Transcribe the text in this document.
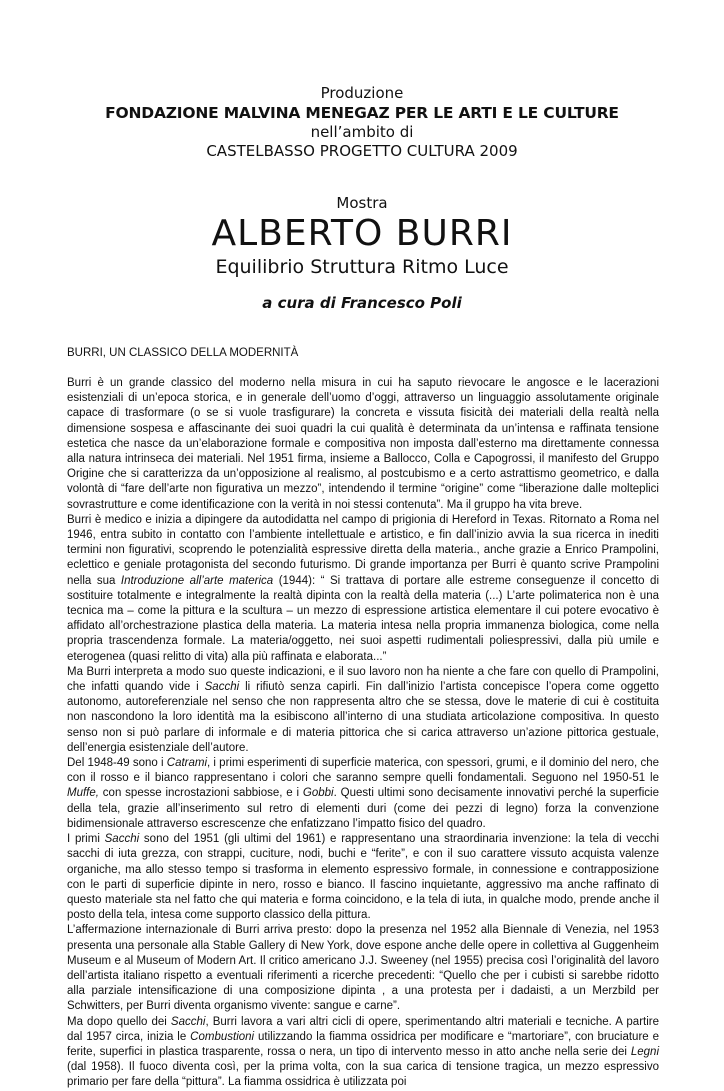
Produzione
FONDAZIONE MALVINA MENEGAZ PER LE ARTI E LE CULTURE
nell’ambito di
CASTELBASSO PROGETTO CULTURA 2009
Mostra
ALBERTO BURRI
Equilibrio Struttura Ritmo Luce
a cura di Francesco Poli
BURRI, UN CLASSICO DELLA MODERNITÀ

Burri è un grande classico del moderno nella misura in cui ha saputo rievocare le angosce e le lacerazioni esistenziali di un’epoca storica, e in generale dell’uomo d’oggi, attraverso un linguaggio assolutamente originale capace di trasformare (o se si vuole trasfigurare) la concreta e vissuta fisicità dei materiali della realtà nella dimensione sospesa e affascinante dei suoi quadri la cui qualità è determinata da un’intensa e raffinata tensione estetica che nasce da un’elaborazione formale e compositiva non imposta dall’esterno ma direttamente connessa alla natura intrinseca dei materiali. Nel 1951 firma, insieme a Ballocco, Colla e Capogrossi, il manifesto del Gruppo Origine che si caratterizza da un’opposizione al realismo, al postcubismo e a certo astrattismo geometrico, e dalla volontà di “fare dell’arte non figurativa un mezzo”, intendendo il termine “origine” come “liberazione dalle molteplici sovrastrutture e come identificazione con la verità in noi stessi contenuta”. Ma il gruppo ha vita breve.

Burri è medico e inizia a dipingere da autodidatta nel campo di prigionia di Hereford in Texas. Ritornato a Roma nel 1946, entra subito in contatto con l’ambiente intellettuale e artistico, e fin dall’inizio avvia la sua ricerca in inediti termini non figurativi, scoprendo le potenzialità espressive diretta della materia., anche grazie a Enrico Prampolini, eclettico e geniale protagonista del secondo futurismo. Di grande importanza per Burri è quanto scrive Prampolini nella sua Introduzione all’arte materica (1944): “ Si trattava di portare alle estreme conseguenze il concetto di sostituire totalmente e integralmente la realtà dipinta con la realtà della materia (...) L’arte polimaterica non è una tecnica ma – come la pittura e la scultura – un mezzo di espressione artistica elementare il cui potere evocativo è affidato all’orchestrazione plastica della materia. La materia intesa nella propria immanenza biologica, come nella propria trascendenza formale. La materia/oggetto, nei suoi aspetti rudimentali poliespressivi, dalla più umile e eterogenea (quasi relitto di vita) alla più raffinata e elaborata...”

Ma Burri interpreta a modo suo queste indicazioni, e il suo lavoro non ha niente a che fare con quello di Prampolini, che infatti quando vide i Sacchi li rifiutò senza capirli. Fin dall’inizio l’artista concepisce l’opera come oggetto autonomo, autoreferenziale nel senso che non rappresenta altro che se stessa, dove le materie di cui è costituita non nascondono la loro identità ma la esibiscono all’interno di una studiata articolazione compositiva. In questo senso non si può parlare di informale e di materia pittorica che si carica attraverso un’azione pittorica gestuale, dell’energia esistenziale dell’autore.

Del 1948-49 sono i Catrami, i primi esperimenti di superficie materica, con spessori, grumi, e il dominio del nero, che con il rosso e il bianco rappresentano i colori che saranno sempre quelli fondamentali. Seguono nel 1950-51 le Muffe, con spesse incrostazioni sabbiose, e i Gobbi. Questi ultimi sono decisamente innovativi perché la superficie della tela, grazie all’inserimento sul retro di elementi duri (come dei pezzi di legno) forza la convenzione bidimensionale attraverso escrescenze che enfatizzano l’impatto fisico del quadro.

I primi Sacchi sono del 1951 (gli ultimi del 1961) e rappresentano una straordinaria invenzione: la tela di vecchi sacchi di iuta grezza, con strappi, cuciture, nodi, buchi e “ferite”, e con il suo carattere vissuto acquista valenze organiche, ma allo stesso tempo si trasforma in elemento espressivo formale, in connessione e contrapposizione con le parti di superficie dipinte in nero, rosso e bianco. Il fascino inquietante, aggressivo ma anche raffinato di questo materiale sta nel fatto che qui materia e forma coincidono, e la tela di iuta, in qualche modo, prende anche il posto della tela, intesa come supporto classico della pittura.

L’affermazione internazionale di Burri arriva presto: dopo la presenza nel 1952 alla Biennale di Venezia, nel 1953 presenta una personale alla Stable Gallery di New York, dove espone anche delle opere in collettiva al Guggenheim Museum e al Museum of Modern Art. Il critico americano J.J. Sweeney (nel 1955) precisa così l’originalità del lavoro dell’artista italiano rispetto a eventuali riferimenti a ricerche precedenti: “Quello che per i cubisti si sarebbe ridotto alla parziale intensificazione di una composizione dipinta , a una protesta per i dadaisti, a un Merzbild per Schwitters, per Burri diventa organismo vivente: sangue e carne”.

Ma dopo quello dei Sacchi, Burri lavora a vari altri cicli di opere, sperimentando altri materiali e tecniche. A partire dal 1957 circa, inizia le Combustioni utilizzando la fiamma ossidrica per modificare e “martoriare”, con bruciature e ferite, superfici in plastica trasparente, rossa o nera, un tipo di intervento messo in atto anche nella serie dei Legni (dal 1958). Il fuoco diventa così, per la prima volta, con la sua carica di tensione tragica, un mezzo espressivo primario per fare della “pittura”. La fiamma ossidrica è utilizzata poi
